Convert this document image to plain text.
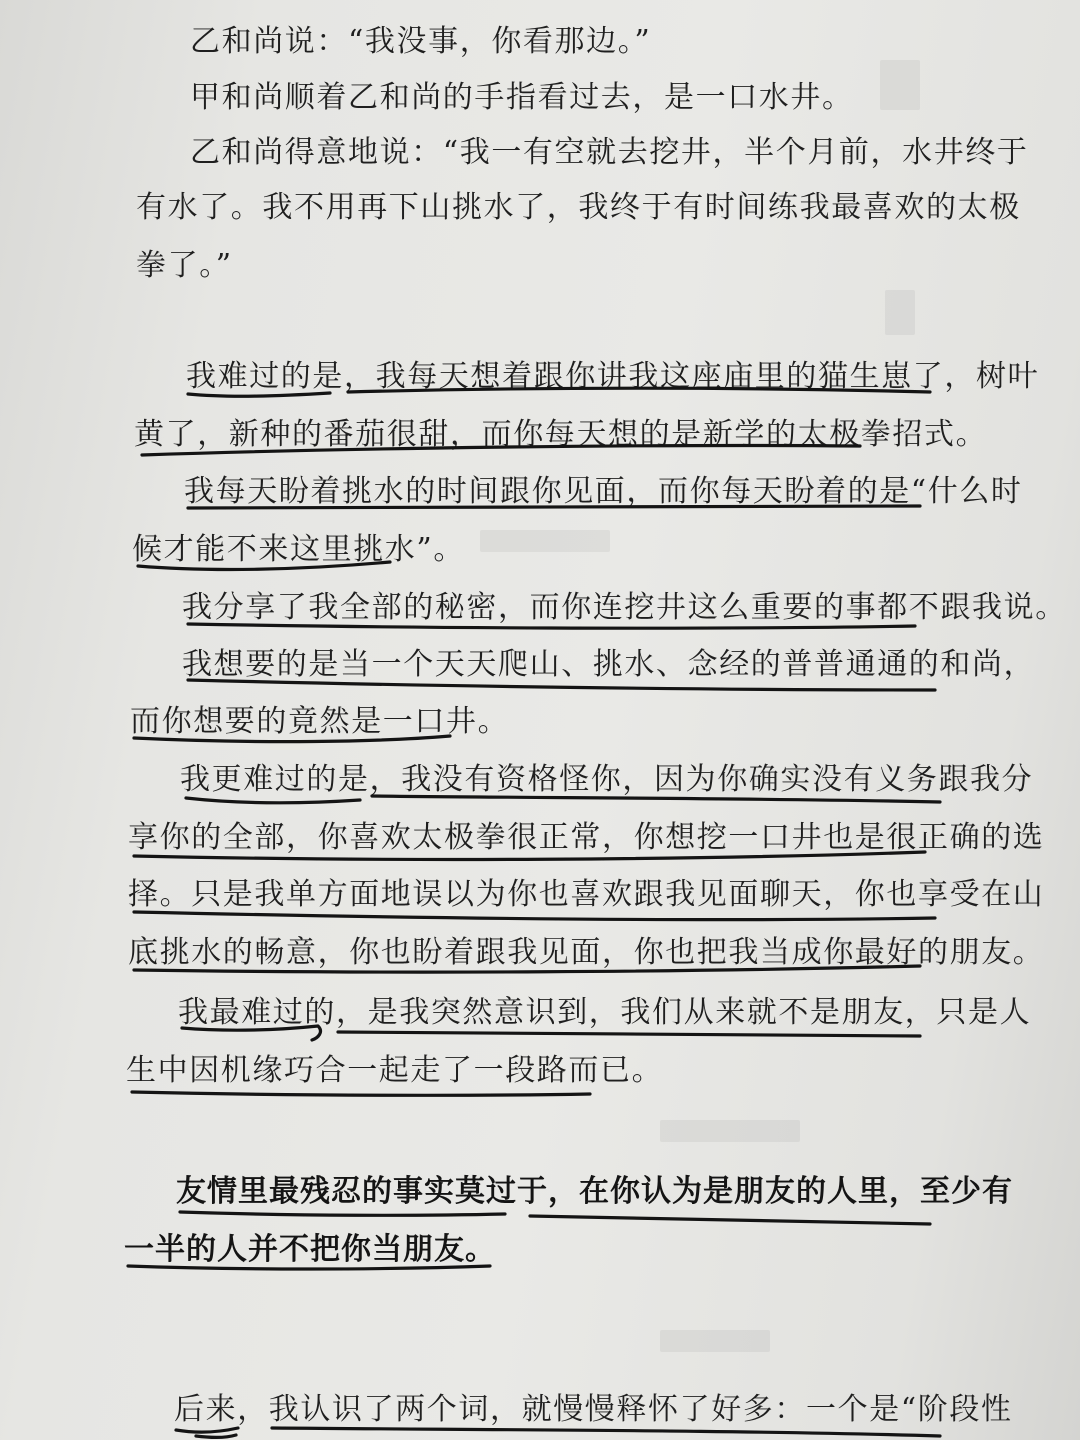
乙和尚说：“我没事，你看那边。”
甲和尚顺着乙和尚的手指看过去，是一口水井。
乙和尚得意地说：“我一有空就去挖井，半个月前，水井终于
有水了。我不用再下山挑水了，我终于有时间练我最喜欢的太极
拳了。”
我难过的是，我每天想着跟你讲我这座庙里的猫生崽了，树叶
黄了，新种的番茄很甜，而你每天想的是新学的太极拳招式。
我每天盼着挑水的时间跟你见面，而你每天盼着的是“什么时
候才能不来这里挑水”。
我分享了我全部的秘密，而你连挖井这么重要的事都不跟我说。
我想要的是当一个天天爬山、挑水、念经的普普通通的和尚，
而你想要的竟然是一口井。
我更难过的是，我没有资格怪你，因为你确实没有义务跟我分
享你的全部，你喜欢太极拳很正常，你想挖一口井也是很正确的选
择。只是我单方面地误以为你也喜欢跟我见面聊天，你也享受在山
底挑水的畅意，你也盼着跟我见面，你也把我当成你最好的朋友。
我最难过的，是我突然意识到，我们从来就不是朋友，只是人
生中因机缘巧合一起走了一段路而已。
友情里最残忍的事实莫过于，在你认为是朋友的人里，至少有
一半的人并不把你当朋友。
后来，我认识了两个词，就慢慢释怀了好多：一个是“阶段性
